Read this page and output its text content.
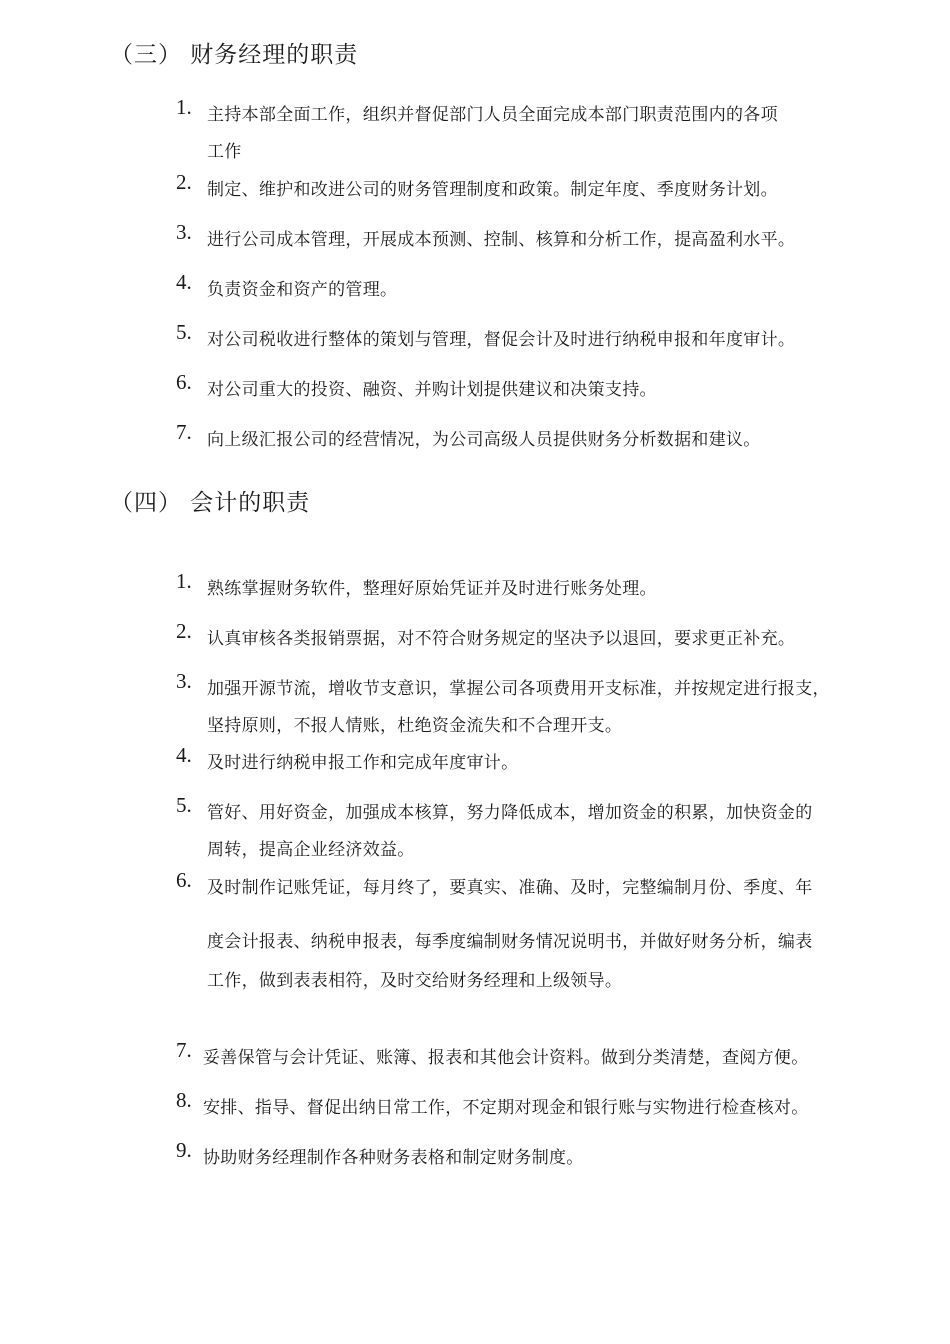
（三） 财务经理的职责
1. 主持本部全面工作，组织并督促部门人员全面完成本部门职责范围内的各项
工作
2. 制定、维护和改进公司的财务管理制度和政策。制定年度、季度财务计划。
3. 进行公司成本管理，开展成本预测、控制、核算和分析工作，提高盈利水平。
4. 负责资金和资产的管理。
5. 对公司税收进行整体的策划与管理，督促会计及时进行纳税申报和年度审计。
6. 对公司重大的投资、融资、并购计划提供建议和决策支持。
7. 向上级汇报公司的经营情况，为公司高级人员提供财务分析数据和建议。
（四） 会计的职责
1. 熟练掌握财务软件，整理好原始凭证并及时进行账务处理。
2. 认真审核各类报销票据，对不符合财务规定的坚决予以退回，要求更正补充。
3. 加强开源节流，增收节支意识，掌握公司各项费用开支标准，并按规定进行报支，
坚持原则，不报人情账，杜绝资金流失和不合理开支。
4. 及时进行纳税申报工作和完成年度审计。
5. 管好、用好资金，加强成本核算，努力降低成本，增加资金的积累，加快资金的
周转，提高企业经济效益。
6. 及时制作记账凭证，每月终了，要真实、准确、及时，完整编制月份、季度、年
度会计报表、纳税申报表，每季度编制财务情况说明书，并做好财务分析，编表
工作，做到表表相符，及时交给财务经理和上级领导。
7. 妥善保管与会计凭证、账簿、报表和其他会计资料。做到分类清楚，查阅方便。
8. 安排、指导、督促出纳日常工作，不定期对现金和银行账与实物进行检查核对。
9. 协助财务经理制作各种财务表格和制定财务制度。
